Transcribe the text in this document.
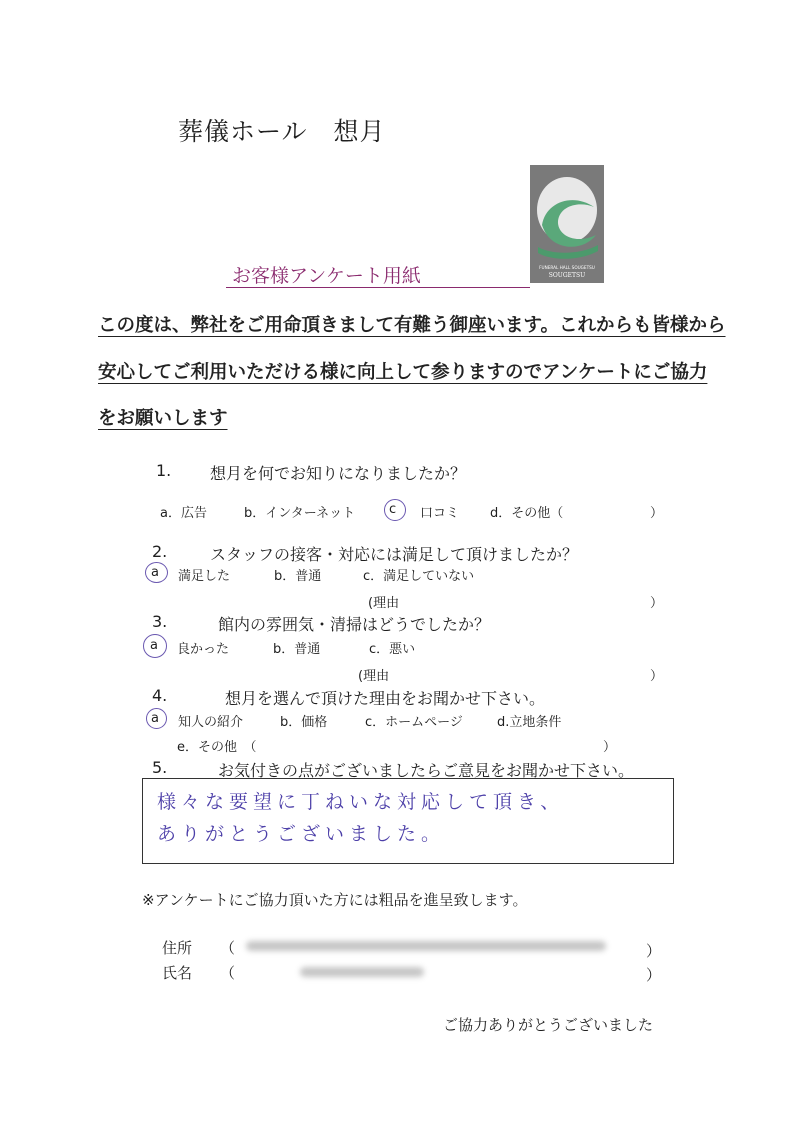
葬儀ホール　想月
FUNERAL HALL SOUGETSU
SOUGETSU
お客様アンケート用紙
この度は、弊社をご用命頂きまして有難う御座います。これからも皆様から
安心してご利用いただける様に向上して参りますのでアンケートにご協力
をお願いします
1. 想月を何でお知りになりましたか？
a．広告	b．インターネット	c 口コミ d．その他（	）
2.	スタッフの接客・対応には満足して頂けましたか？
a 満足した	b．普通	c．満足していない
(理由	）
3.	館内の雰囲気・清掃はどうでしたか？
a 良かった	b．普通	c．悪い
(理由	）
4.	想月を選んで頂けた理由をお聞かせ下さい。
a 知人の紹介	b．価格	c．ホームページ	d.立地条件
e．その他　（	）
5.	お気付きの点がございましたらご意見をお聞かせ下さい。
様々な要望に丁ねいな対応して頂き、
ありがとうございました。
※アンケートにご協力頂いた方には粗品を進呈致します。
住所 （	）
氏名 （	）
ご協力ありがとうございました
